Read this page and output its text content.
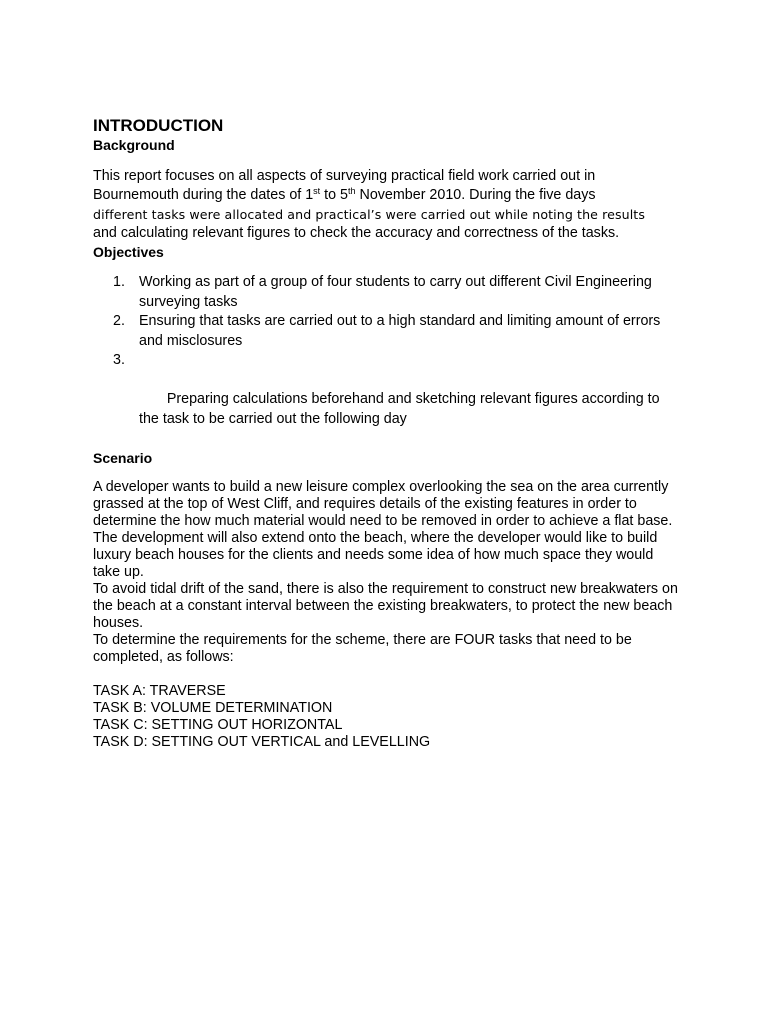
INTRODUCTION
Background

This report focuses on all aspects of surveying practical field work carried out in

Bournemouth during the dates of 1st to 5th November 2010. During the five days

different tasks were allocated and practical’s were carried out while noting the results

and calculating relevant figures to check the accuracy and correctness of the tasks.

Objectives
1. Working as part of a group of four students to carry out different Civil Engineering surveying tasks
2. Ensuring that tasks are carried out to a high standard and limiting amount of errors and misclosures

3.

Preparing calculations beforehand and sketching relevant figures according to the task to be carried out the following day

Scenario

A developer wants to build a new leisure complex overlooking the sea on the area currently grassed at the top of West Cliff, and requires details of the existing features in order to determine the how much material would need to be removed in order to achieve a flat base.

The development will also extend onto the beach, where the developer would like to build luxury beach houses for the clients and needs some idea of how much space they would take up.

To avoid tidal drift of the sand, there is also the requirement to construct new breakwaters on the beach at a constant interval between the existing breakwaters, to protect the new beach houses.

To determine the requirements for the scheme, there are FOUR tasks that need to be completed, as follows:

TASK A: TRAVERSE
TASK B: VOLUME DETERMINATION
TASK C: SETTING OUT HORIZONTAL
TASK D: SETTING OUT VERTICAL and LEVELLING
